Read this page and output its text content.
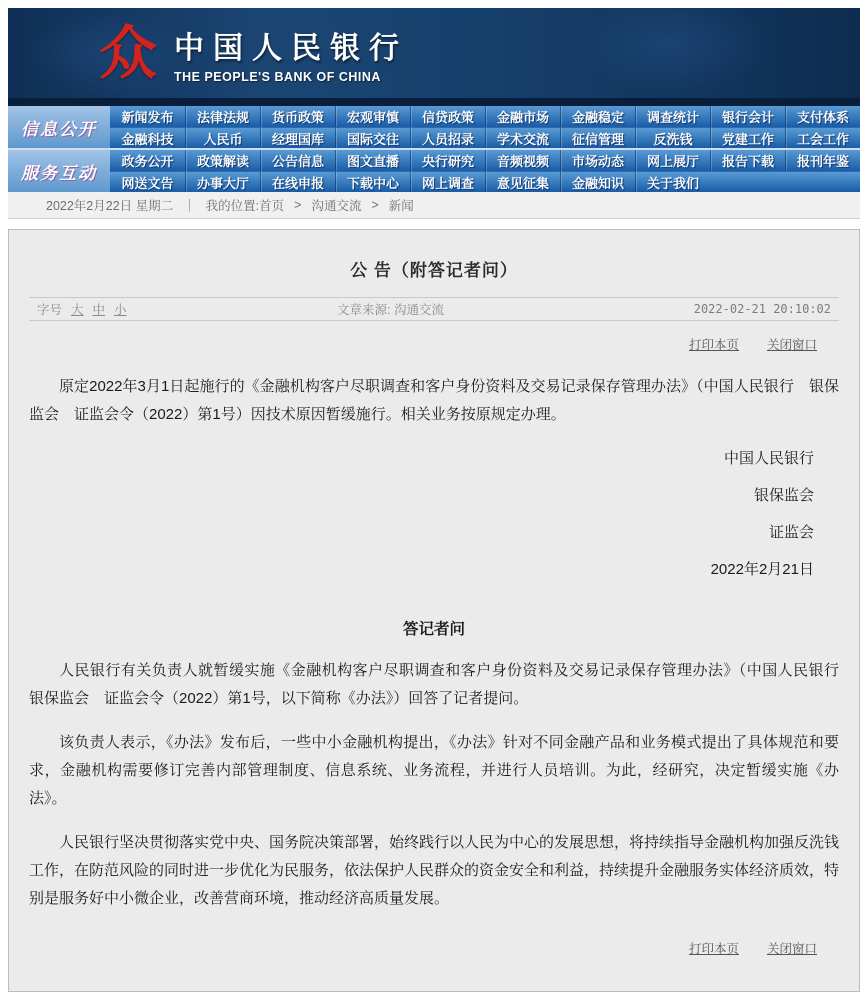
众 中国人民银行
THE PEOPLE'S BANK OF CHINA
信息公开
新闻发布	法律法规	货币政策	宏观审慎	信贷政策	金融市场	金融稳定	调查统计	银行会计	支付体系
金融科技	人民币	经理国库	国际交往	人员招录	学术交流	征信管理	反洗钱	党建工作	工会工作
服务互动
政务公开	政策解读	公告信息	图文直播	央行研究	音频视频	市场动态	网上展厅	报告下载	报刊年鉴
网送文告	办事大厅	在线申报	下载中心	网上调查	意见征集	金融知识	关于我们
2022年2月22日 星期二 ｜ 我的位置: 首页 > 沟通交流 > 新闻
公 告（附答记者问）
字号 大 中 小	文章来源: 沟通交流	2022-02-21 20:10:02
打印本页 关闭窗口

原定2022年3月1日起施行的《金融机构客户尽职调查和客户身份资料及交易记录保存管理办法》（中国人民银行　银保监会　证监会令（2022）第1号）因技术原因暂缓施行。相关业务按原规定办理。

中国人民银行
银保监会
证监会
2022年2月21日
答记者问

人民银行有关负责人就暂缓实施《金融机构客户尽职调查和客户身份资料及交易记录保存管理办法》（中国人民银行　银保监会　证监会令（2022）第1号，以下简称《办法》）回答了记者提问。

该负责人表示，《办法》发布后，一些中小金融机构提出，《办法》针对不同金融产品和业务模式提出了具体规范和要求，金融机构需要修订完善内部管理制度、信息系统、业务流程，并进行人员培训。为此，经研究，决定暂缓实施《办法》。

人民银行坚决贯彻落实党中央、国务院决策部署，始终践行以人民为中心的发展思想，将持续指导金融机构加强反洗钱工作，在防范风险的同时进一步优化为民服务，依法保护人民群众的资金安全和利益，持续提升金融服务实体经济质效，特别是服务好中小微企业，改善营商环境，推动经济高质量发展。

打印本页 关闭窗口
